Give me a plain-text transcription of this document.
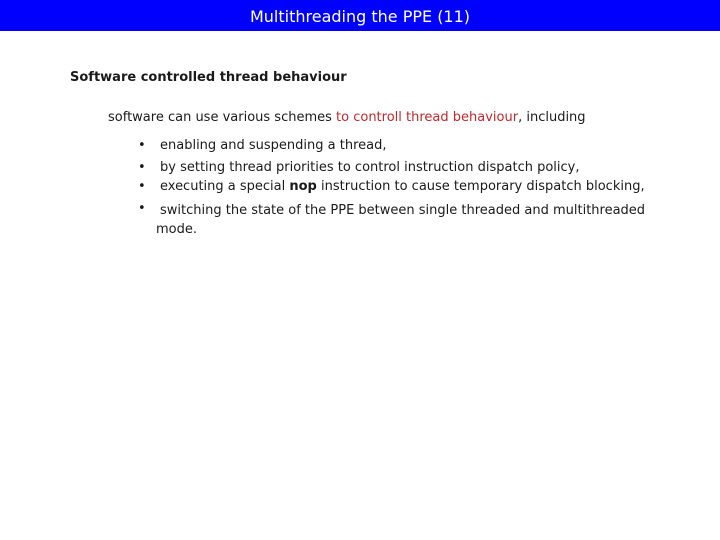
Multithreading the PPE (11)
Software controlled thread behaviour
software can use various schemes to controll thread behaviour, including
•	enabling and suspending a thread,
•	by setting thread priorities to control instruction dispatch policy,
•	executing a special nop instruction to cause temporary dispatch blocking,
•	switching the state of the PPE between single threaded and multithreaded
mode.
